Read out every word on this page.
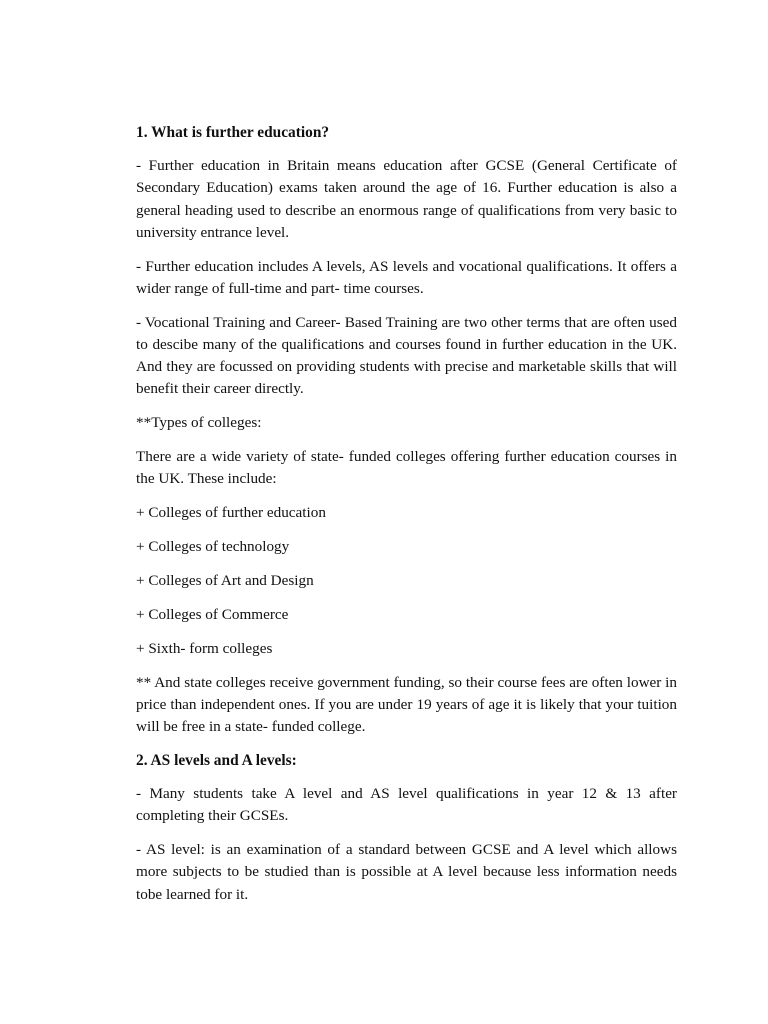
1. What is further education?
- Further education in Britain means education after GCSE (General Certificate of Secondary Education) exams taken around the age of 16. Further education is also a general heading used to describe an enormous range of qualifications from very basic to university entrance level.
- Further education includes A levels, AS levels and vocational qualifications. It offers a wider range of full-time and part- time courses.
- Vocational Training and Career- Based Training are two other terms that are often used to descibe many of the qualifications and courses found in further education in the UK. And they are focussed on providing students with precise and marketable skills that will benefit their career directly.
**Types of colleges:
There are a wide variety of state- funded colleges offering further education courses in the UK. These include:
+ Colleges of further education
+ Colleges of technology
+ Colleges of Art and Design
+ Colleges of Commerce
+ Sixth- form colleges
** And state colleges receive government funding, so their course fees are often lower in price than independent ones. If you are under 19 years of age it is likely that your tuition will be free in a state- funded college.
2. AS levels and A levels:
- Many students take A level and AS level qualifications in year 12 & 13 after completing their GCSEs.
- AS level: is an examination of a standard between GCSE and A level which allows more subjects to be studied than is possible at A level because less information needs tobe learned for it.
